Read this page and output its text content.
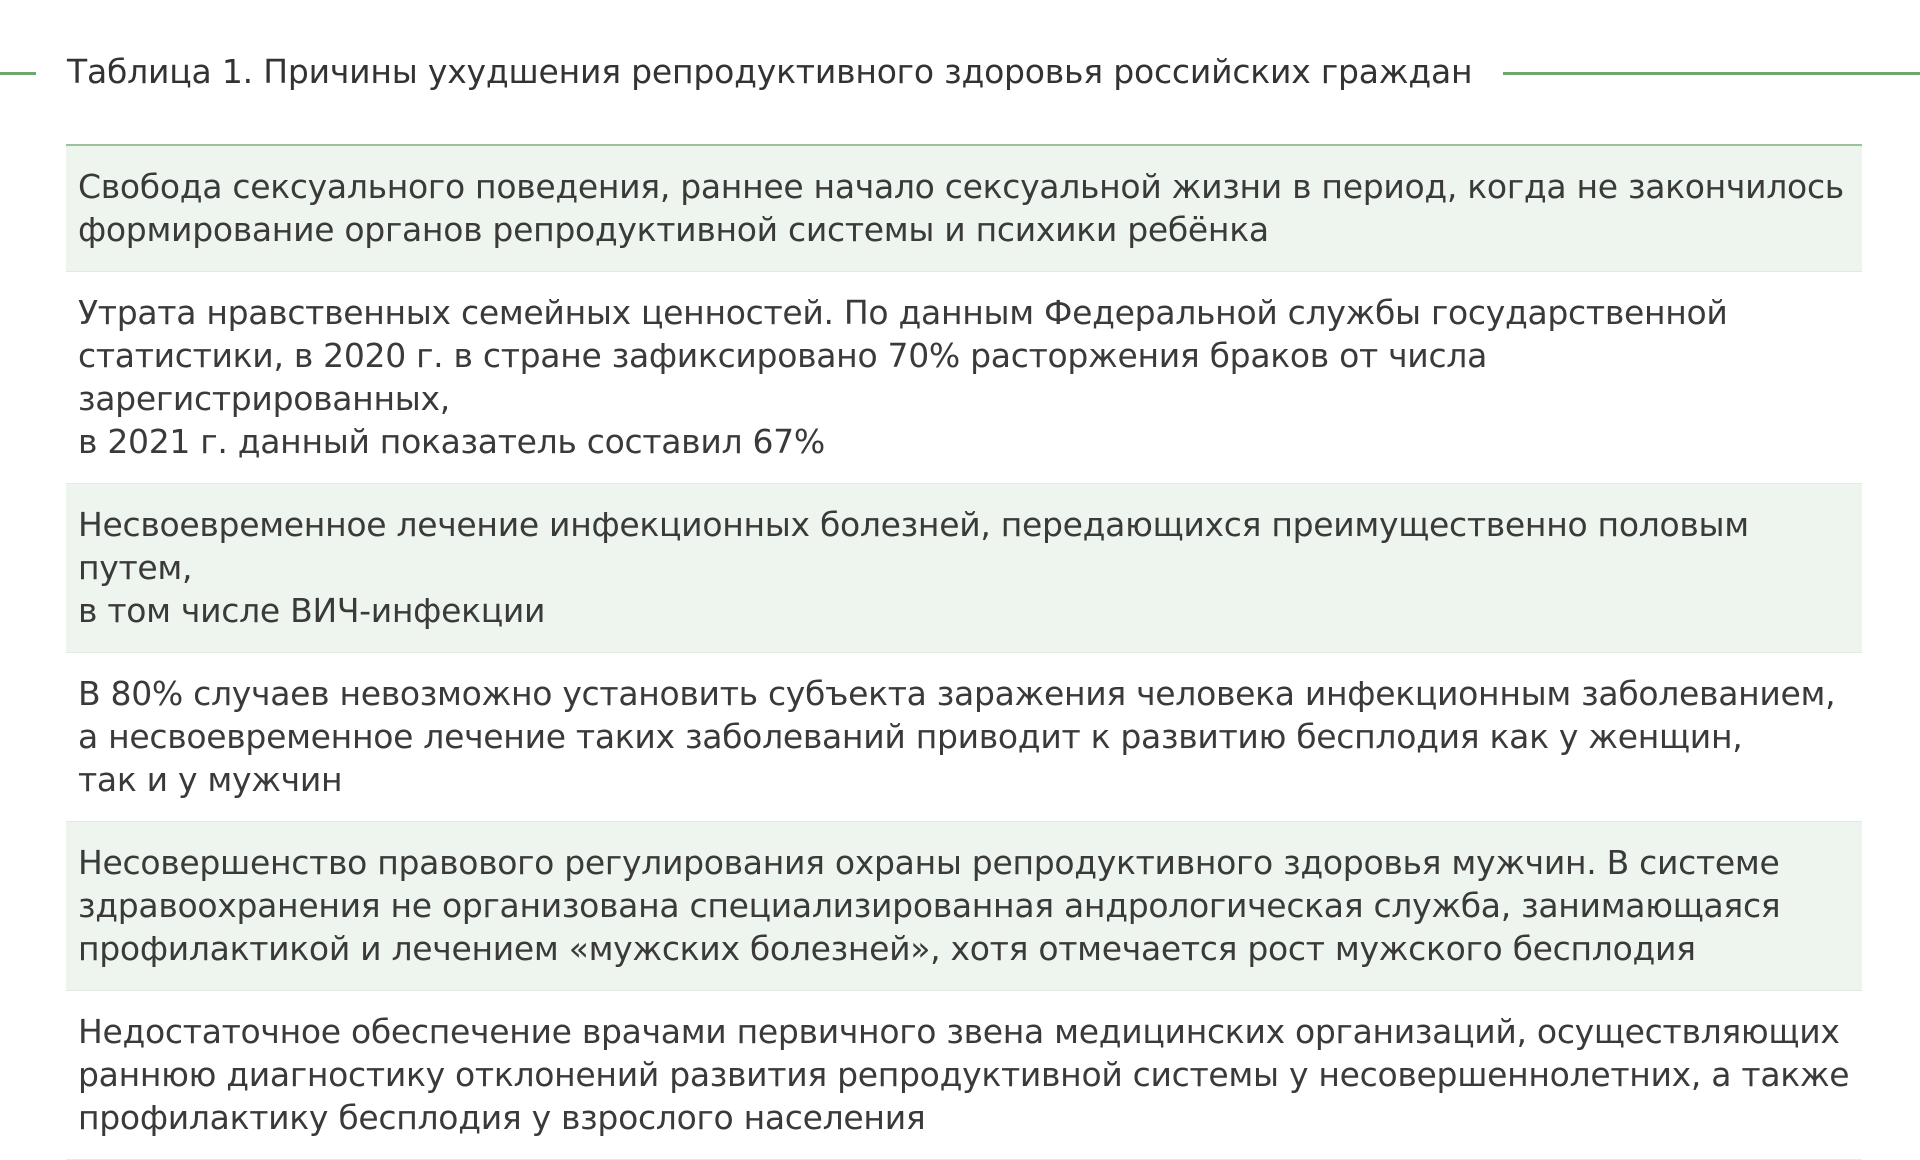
Таблица 1. Причины ухудшения репродуктивного здоровья российских граждан
Свобода сексуального поведения, раннее начало сексуальной жизни в период, когда не закончилось
формирование органов репродуктивной системы и психики ребёнка
Утрата нравственных семейных ценностей. По данным Федеральной службы государственной
статистики, в 2020 г. в стране зафиксировано 70% расторжения браков от числа зарегистрированных,
в 2021 г. данный показатель составил 67%
Несвоевременное лечение инфекционных болезней, передающихся преимущественно половым путем,
в том числе ВИЧ-инфекции
В 80% случаев невозможно установить субъекта заражения человека инфекционным заболеванием,
а несвоевременное лечение таких заболеваний приводит к развитию бесплодия как у женщин,
так и у мужчин
Несовершенство правового регулирования охраны репродуктивного здоровья мужчин. В системе
здравоохранения не организована специализированная андрологическая служба, занимающаяся
профилактикой и лечением «мужских болезней», хотя отмечается рост мужского бесплодия
Недостаточное обеспечение врачами первичного звена медицинских организаций, осуществляющих
раннюю диагностику отклонений развития репродуктивной системы у несовершеннолетних, а также
профилактику бесплодия у взрослого населения
